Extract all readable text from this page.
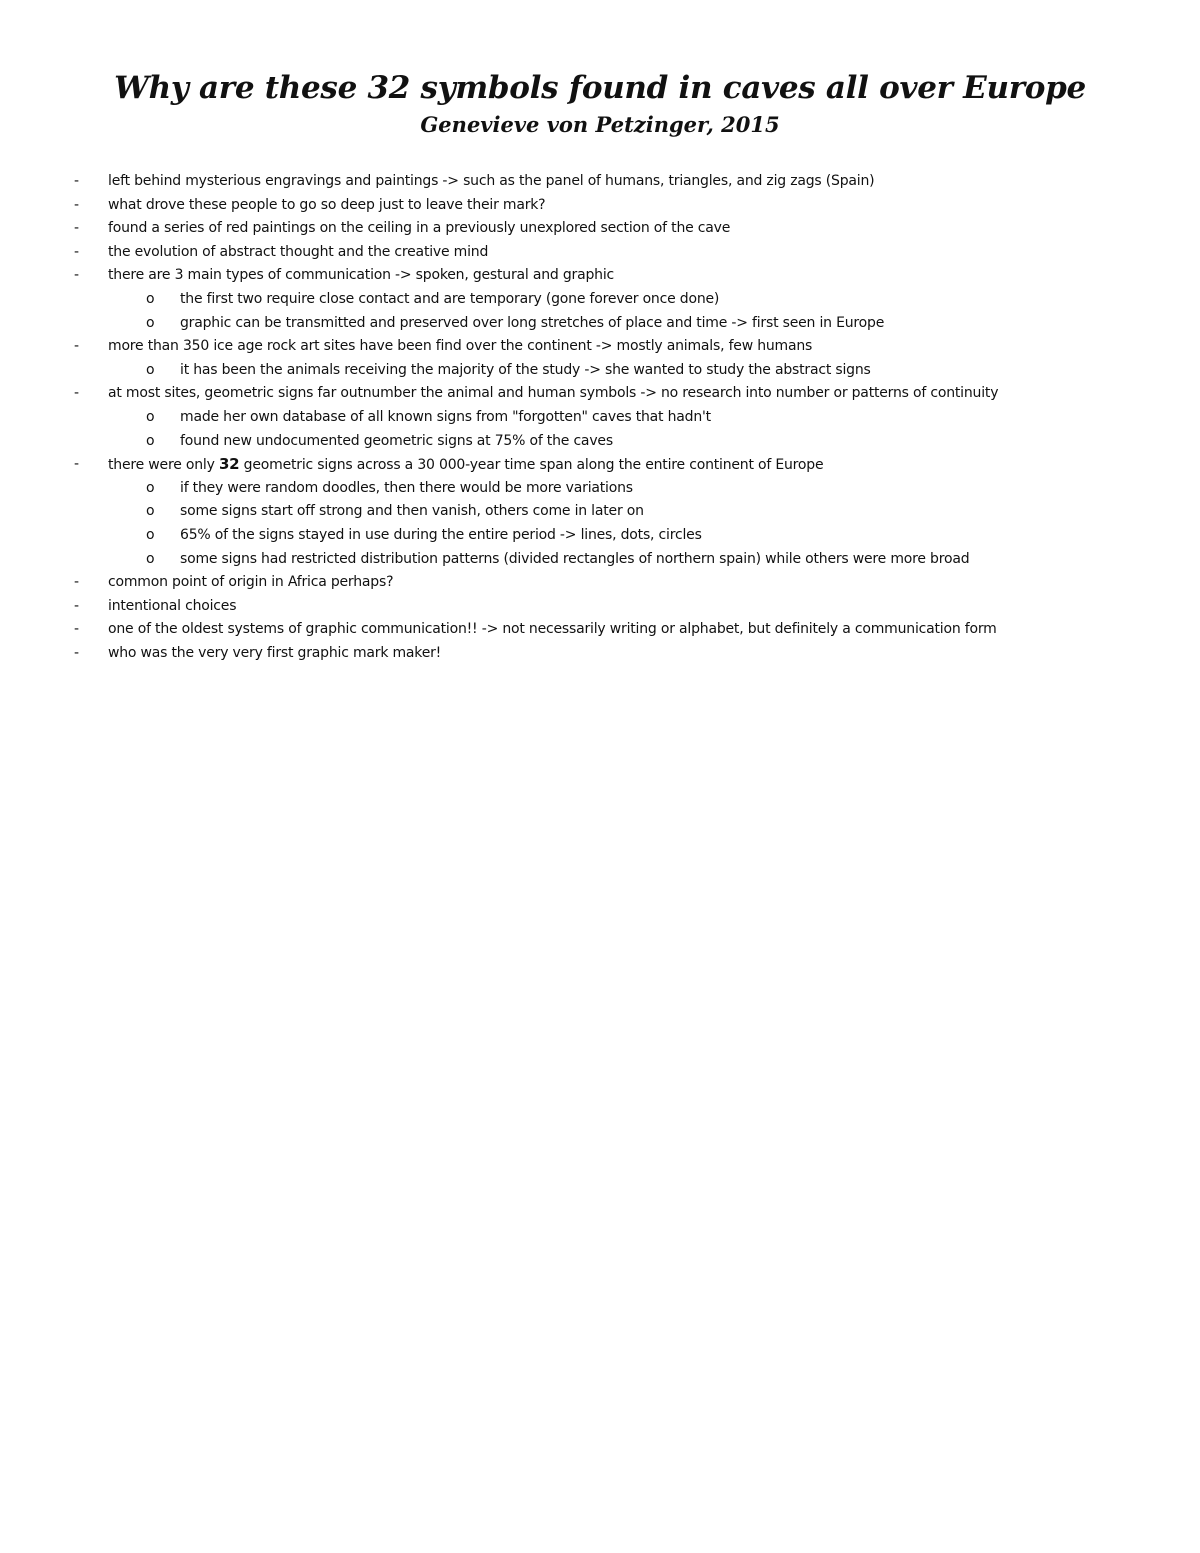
Why are these 32 symbols found in caves all over Europe
Genevieve von Petzinger, 2015
- left behind mysterious engravings and paintings -> such as the panel of humans, triangles, and zig zags (Spain)
- what drove these people to go so deep just to leave their mark?
- found a series of red paintings on the ceiling in a previously unexplored section of the cave
- the evolution of abstract thought and the creative mind
- there are 3 main types of communication -> spoken, gestural and graphic
o the first two require close contact and are temporary (gone forever once done)
o graphic can be transmitted and preserved over long stretches of place and time -> first seen in Europe
- more than 350 ice age rock art sites have been find over the continent -> mostly animals, few humans
o it has been the animals receiving the majority of the study -> she wanted to study the abstract signs
- at most sites, geometric signs far outnumber the animal and human symbols -> no research into number or patterns of continuity
o made her own database of all known signs from "forgotten" caves that hadn't
o found new undocumented geometric signs at 75% of the caves
- there were only 32 geometric signs across a 30 000-year time span along the entire continent of Europe
o if they were random doodles, then there would be more variations
o some signs start off strong and then vanish, others come in later on
o 65% of the signs stayed in use during the entire period -> lines, dots, circles
o some signs had restricted distribution patterns (divided rectangles of northern spain) while others were more broad
- common point of origin in Africa perhaps?
- intentional choices
- one of the oldest systems of graphic communication!! -> not necessarily writing or alphabet, but definitely a communication form
- who was the very very first graphic mark maker!
